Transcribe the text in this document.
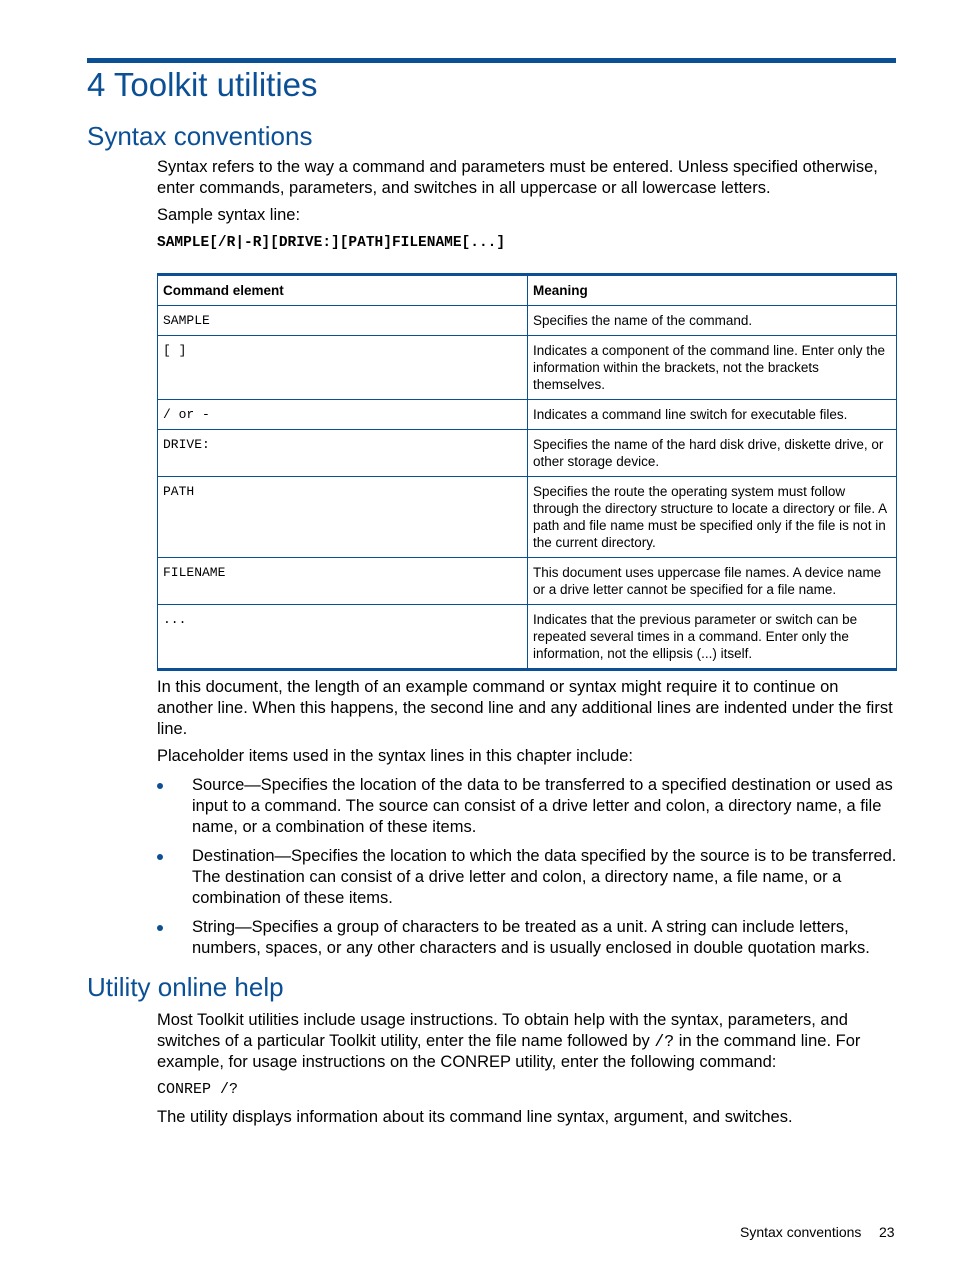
4 Toolkit utilities
Syntax conventions

Syntax refers to the way a command and parameters must be entered. Unless specified otherwise, enter commands, parameters, and switches in all uppercase or all lowercase letters.

Sample syntax line:

SAMPLE[/R|-R][DRIVE:][PATH]FILENAME[...]
Command element	Meaning
SAMPLE	Specifies the name of the command.
[ ]	Indicates a component of the command line. Enter only the information within the brackets, not the brackets themselves.
/ or -	Indicates a command line switch for executable files.
DRIVE:	Specifies the name of the hard disk drive, diskette drive, or other storage device.
PATH	Specifies the route the operating system must follow through the directory structure to locate a directory or file. A path and file name must be specified only if the file is not in the current directory.
FILENAME	This document uses uppercase file names. A device name or a drive letter cannot be specified for a file name.
...	Indicates that the previous parameter or switch can be repeated several times in a command. Enter only the information, not the ellipsis (...) itself.

In this document, the length of an example command or syntax might require it to continue on another line. When this happens, the second line and any additional lines are indented under the first line.

Placeholder items used in the syntax lines in this chapter include:

Source—Specifies the location of the data to be transferred to a specified destination or used as input to a command. The source can consist of a drive letter and colon, a directory name, a file name, or a combination of these items.
Destination—Specifies the location to which the data specified by the source is to be transferred. The destination can consist of a drive letter and colon, a directory name, a file name, or a combination of these items.
String—Specifies a group of characters to be treated as a unit. A string can include letters, numbers, spaces, or any other characters and is usually enclosed in double quotation marks.
Utility online help

Most Toolkit utilities include usage instructions. To obtain help with the syntax, parameters, and switches of a particular Toolkit utility, enter the file name followed by /? in the command line. For example, for usage instructions on the CONREP utility, enter the following command:

CONREP /?

The utility displays information about its command line syntax, argument, and switches.

Syntax conventions 23
